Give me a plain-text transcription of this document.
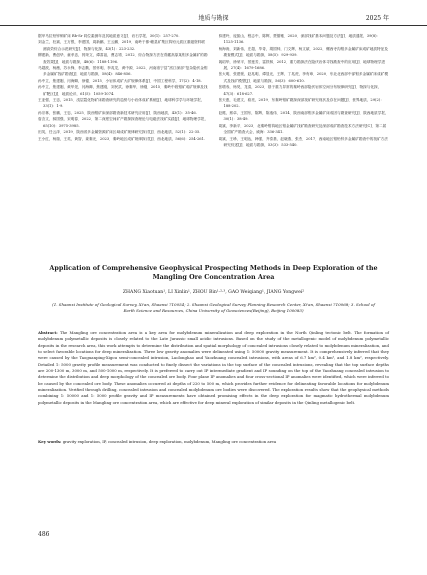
地质与勘探	2025 年
据甲马拉铅锌铜矿床 Rb-Sr 同位素测年及其地质意义[J]．岩石学报，30(1)：257-270.
刘金兰，杜斌，王万银，李建国，周新鹏，王云鹏．2019．南岭于都-赣县矿集区钨铅元质区重磁资料联测高效综合示范研究[J]．物探与化探，43(1)：223-232.
柳建新，曹创华，童孝忠，郭荣文，谭肃祖，曹志靖．2012．综合物探方法在青藏高原某钼多金属矿的勘查效果[J]．地质与勘探，48(6)：1188-1196.
马超波，杨薇，苏永锋，李志勤，蔡怀明，李兆龙，黄中源．2022．河南洛宁县“嵩江深部”复杂隐伏金钼多金属矿找矿勘查[J]．地质与勘探，58(4)：846-856.
孙中立，焦建刚，闫海卿，徐德．2015．小岩体成矿大矿规律体系[J]．中国工程科学，17(2)：4-18.
孙中立，焦建刚，黄华见，闫海卿，焦建刚，刘民武，徐秦华，徐刚．2015．秦岭中段钼矿成矿规律及找矿靶区[J]．地质论评，61(5)：1059-1074.
王亚强，王忠，2015．浅层裂化物矿床勘查研究的趋势与小岩体成矿系统[J]．地球科学学与环境学报，33(1)：1-9.
孙宗林，张鹏，王忠，2025．陕西钼矿床深部勘查新技术研究应用[J]．陕西地质，43(1)：35-46.
詹含文，薛国强，宋明春．2022．第二深度空间矿产勘探探查理论与电磁法找矿实践[J]．地球物理学报，65(10)：3975-3985.
田英，任云泽．2019．陕西省多金属资源矿床区域成矿规律研究探讨[J]．西北地质，52(1)：22-35.
王小红，杨瑞，王英，黄智，姜秦光．2023．秦岭地区成矿规律探讨[J]．西北地质，56(6)：254-261.
薛建玲，庞振山，程志中，陈辉，贾儒雅．2020．深部找矿基本问题及方法[J]．地质通报，39(8)：1125-1136.
杨海涛，刘新伟，庄超，毕奇，胡国帅，门文辉，杨文斌．2022．螺西寺沟钼多金属矿床成矿地质特征及勘查模式[J]．地质与勘探，58(5)：929-939.
姚绍华，徐荣平，蔡莲芳，雷铁林．2012．重力勘探法在隐伏岩体寻找勘查中的应用[J]．地球物理学进展，27(4)：1679-1686.
张大明，张建豪，赵兆明，谭显光，王辉，丁兆虎，李有章．2020．东北北西部中部钼多金属矿床成矿模式及找矿模型[J]．地质与勘探，56(3)：600-610.
张增寿，杨昊，龙清，2023．基于重力异常的秦岭西部隐伏岩体空间分布规律研究[J]．物探与化探，47(3)：618-627.
张天惠，毛建文，骆亮，2019．东秦岭钼矿勘探深部找矿研究现状及存在问题[J]．世界地质，29(2)：188-202.
赵懿，邢卓，王国东，陈辉，陈逸伟．2014．陕西南部钼多金属矿床成因与勘查研究[J]．陕西地质学报，30(1)：38-49.
周斌，李新平．2023．北秦岭钼钨地区钼金属矿找矿勘查研究及深部成矿勘查技术方法研究[C]．第二届全国矿产勘查大会，威海：336-341.
周斌，王珍，王明达，韩强，齐泰基，赵晓燕，张杰．2017．西南地区钼铅锌多金属矿勘查中的找矿方法研究综述[J]．地质与勘探，53(3)：533-540.
Application of Comprehensive Geophysical Prospecting Methods in Deep Exploration of the Mangling Ore Concentration Area
ZHANG Xiaotuan¹, LI Xinlin¹, ZHOU Bin¹·²·³, GAO Weiqiang¹, JIANG Yongwei²
(1. Shaanxi Institute of Geological Survey, Xi'an, Shaanxi 710054; 2. Shaanxi Geological Survey Planning Research Center, Xi'an, Shaanxi 710068; 3. School of Earth Science and Resources, China University of Geosciences(Beijing), Beijing 100083)
Abstract: The Mangling ore concentration area is a key area for molybdenum mineralization and deep exploration in the North Qinling tectonic belt. The formation of molybdenum polymetallic deposits is closely related to the Late Jurassic small acidic intrusions. Based on the study of the metallogenic model of molybdenum polymetallic deposits in the research area, this work attempts to determine the distribution and spatial morphology of concealed intrusions closely related to molybdenum mineralization, and to select favorable locations for deep mineralization. Three low gravity anomalies were delineated using 1: 50000 gravity measurement. It is comprehensively inferred that they were caused by the Taoguanping-Xigou semi-concealed intrusion, Laolonghao and Yaozhuang concealed intrusions, with areas of 6.7 km², 0.4 km², and 1.8 km², respectively. Detailed 1: 5000 gravity profile measurement was conducted to finely dissect the variations in the top surface of the concealed intrusions, revealing that the top surface depths are 200-1300 m, 3000 m, and 500-1000 m, respectively. It is preferred to carry out IP intermediate gradient and IP sounding on the top of the Yaozhuang concealed intrusion to determine the distribution and deep morphology of the concealed ore body. Four plane IP anomalies and four cross-sectional IP anomalies were identified, which were inferred to be caused by the concealed ore body. These anomalies occurred at depths of 220 to 500 m, which provides further evidence for delineating favorable locations for molybdenum mineralization. Verified through drilling, concealed intrusion and concealed molybdenum ore bodies were discovered. The exploration results show that the geophysical methods combining 1: 50000 and 1: 5000 profile gravity and IP measurements have obtained promising effects in the deep exploration for magmatic hydrothermal molybdenum polymetallic deposits in the Mangling ore concentration area, which are effective for deep mineral exploration of similar deposits in the Qinling metallogenic belt.
Key words: gravity exploration, IP, concealed intrusion, deep exploration, molybdenum, Mangling ore concentration area
486
